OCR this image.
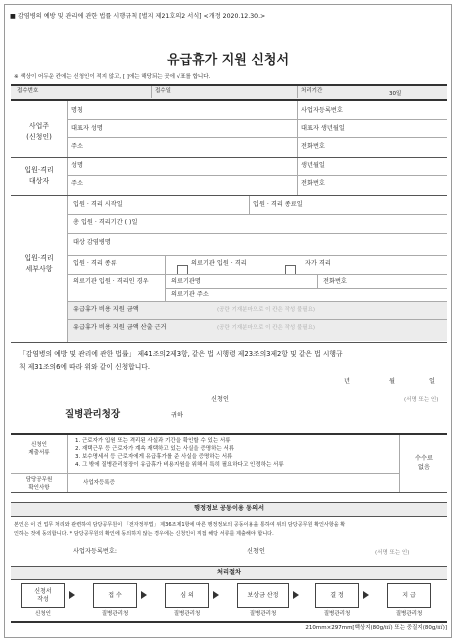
■ 감염병의 예방 및 관리에 관한 법률 시행규칙 [별지 제21호의2 서식] <개정 2020.12.30.>
유급휴가 지원 신청서
※ 색상이 어두운 칸에는 신청인이 적지 않고, [ ]에는 해당되는 곳에 √표를 합니다.
접수번호	접수일	처리기간	30일
사업주
(신청인)
명칭	사업자등록번호
대표자 성명	대표자 생년월일
주소	전화번호
입원·격리
대상자
성명	생년월일
주소	전화번호
입원·격리
세부사항
입원 · 격리 시작일	입원 · 격리 종료일
총 입원 · 격리기간 ( )일
대상 감염병명
입원 · 격리 종류	의료기관 입원 · 격리	자가 격리
의료기관 입원 · 격리인 경우	의료기관명	전화번호
의료기관 주소
유급휴가 비용 지원 금액	(공란 기재분마으로 이 칸은 작성 불필요)
유급휴가 비용 지원 금액 산출 근거	(공란 기재분마으로 이 칸은 작성 불필요)
「감염병의 예방 및 관리에 관한 법률」 제41조의2제3항, 같은 법 시행령 제23조의3제2항 및 같은 법 시행규
칙 제31조의6에 따라 위와 같이 신청합니다.
년	월	일
신청인	(서명 또는 인)
질병관리청장	귀하
신청인
제출서류
1. 근로자가 입원 또는 격리된 사실과 기간을 확인할 수 있는 서류
2. 재택근무 등 근로자가 계속 재택하고 있는 사실을 증명하는 서류
3. 보수명세서 등 근로자에게 유급휴가를 준 사실을 증명하는 서류
4. 그 밖에 질병관리청장이 유급휴가 비용지원을 위해서 특히 필요하다고 인정하는 서류
담당공무원
확인사항
사업자등록증
수수료
없음
행정정보 공동이용 동의서
본인은 이 건 업무 처리와 관련하여 담당공무원이 「전자정부법」 제36조제1항에 따른 행정정보의 공동이용을 통하여 위의 담당공무원 확인사항을 확
인하는 것에 동의합니다. * 담당공무원의 확인에 동의하지 않는 경우에는 신청인이 직접 해당 서류를 제출해야 합니다.
사업자등록번호:	신청인	(서명 또는 인)
처리절차
신청서
작성
접 수	심 의	보상금 산정	결 정	지 급
신청인	질병관리청	질병관리청	질병관리청	질병관리청	질병관리청
210mm×297mm[백상지(80g/㎡) 또는 중질지(80g/㎡)]
